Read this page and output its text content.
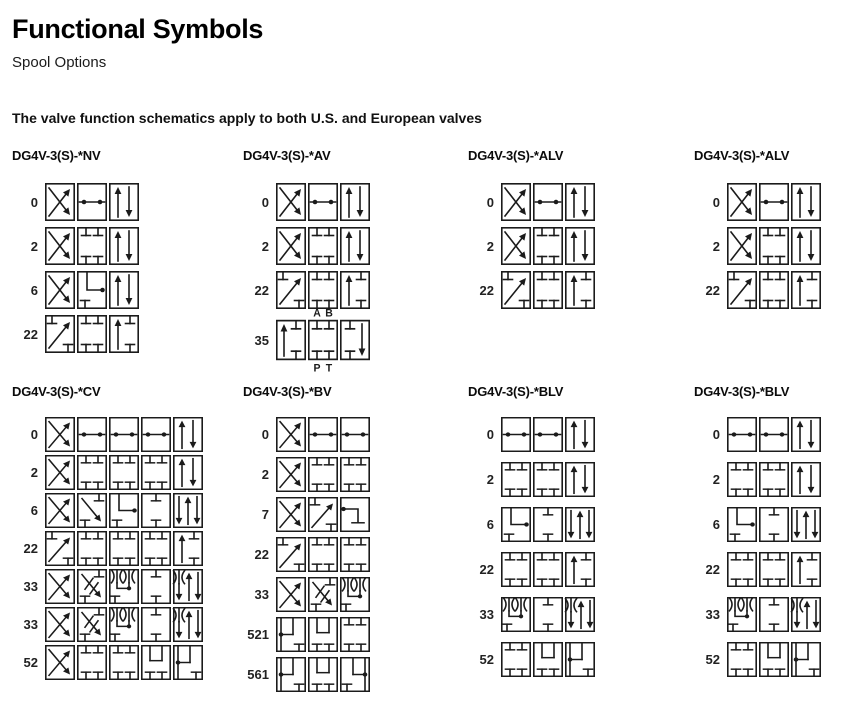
Functional Symbols
Spool Options
The valve function schematics apply to both U.S. and European valves
DG4V-3(S)-*NV
0
2
6
22
DG4V-3(S)-*AV
0
2
22
35
A B
P T
DG4V-3(S)-*ALV
0
2
22
DG4V-3(S)-*ALV
0
2
22
DG4V-3(S)-*CV
0
2
6
22
33
33
52
DG4V-3(S)-*BV
0
2
7
22
33
521
561
DG4V-3(S)-*BLV
0
2
6
22
33
52
DG4V-3(S)-*BLV
0
2
6
22
33
52
